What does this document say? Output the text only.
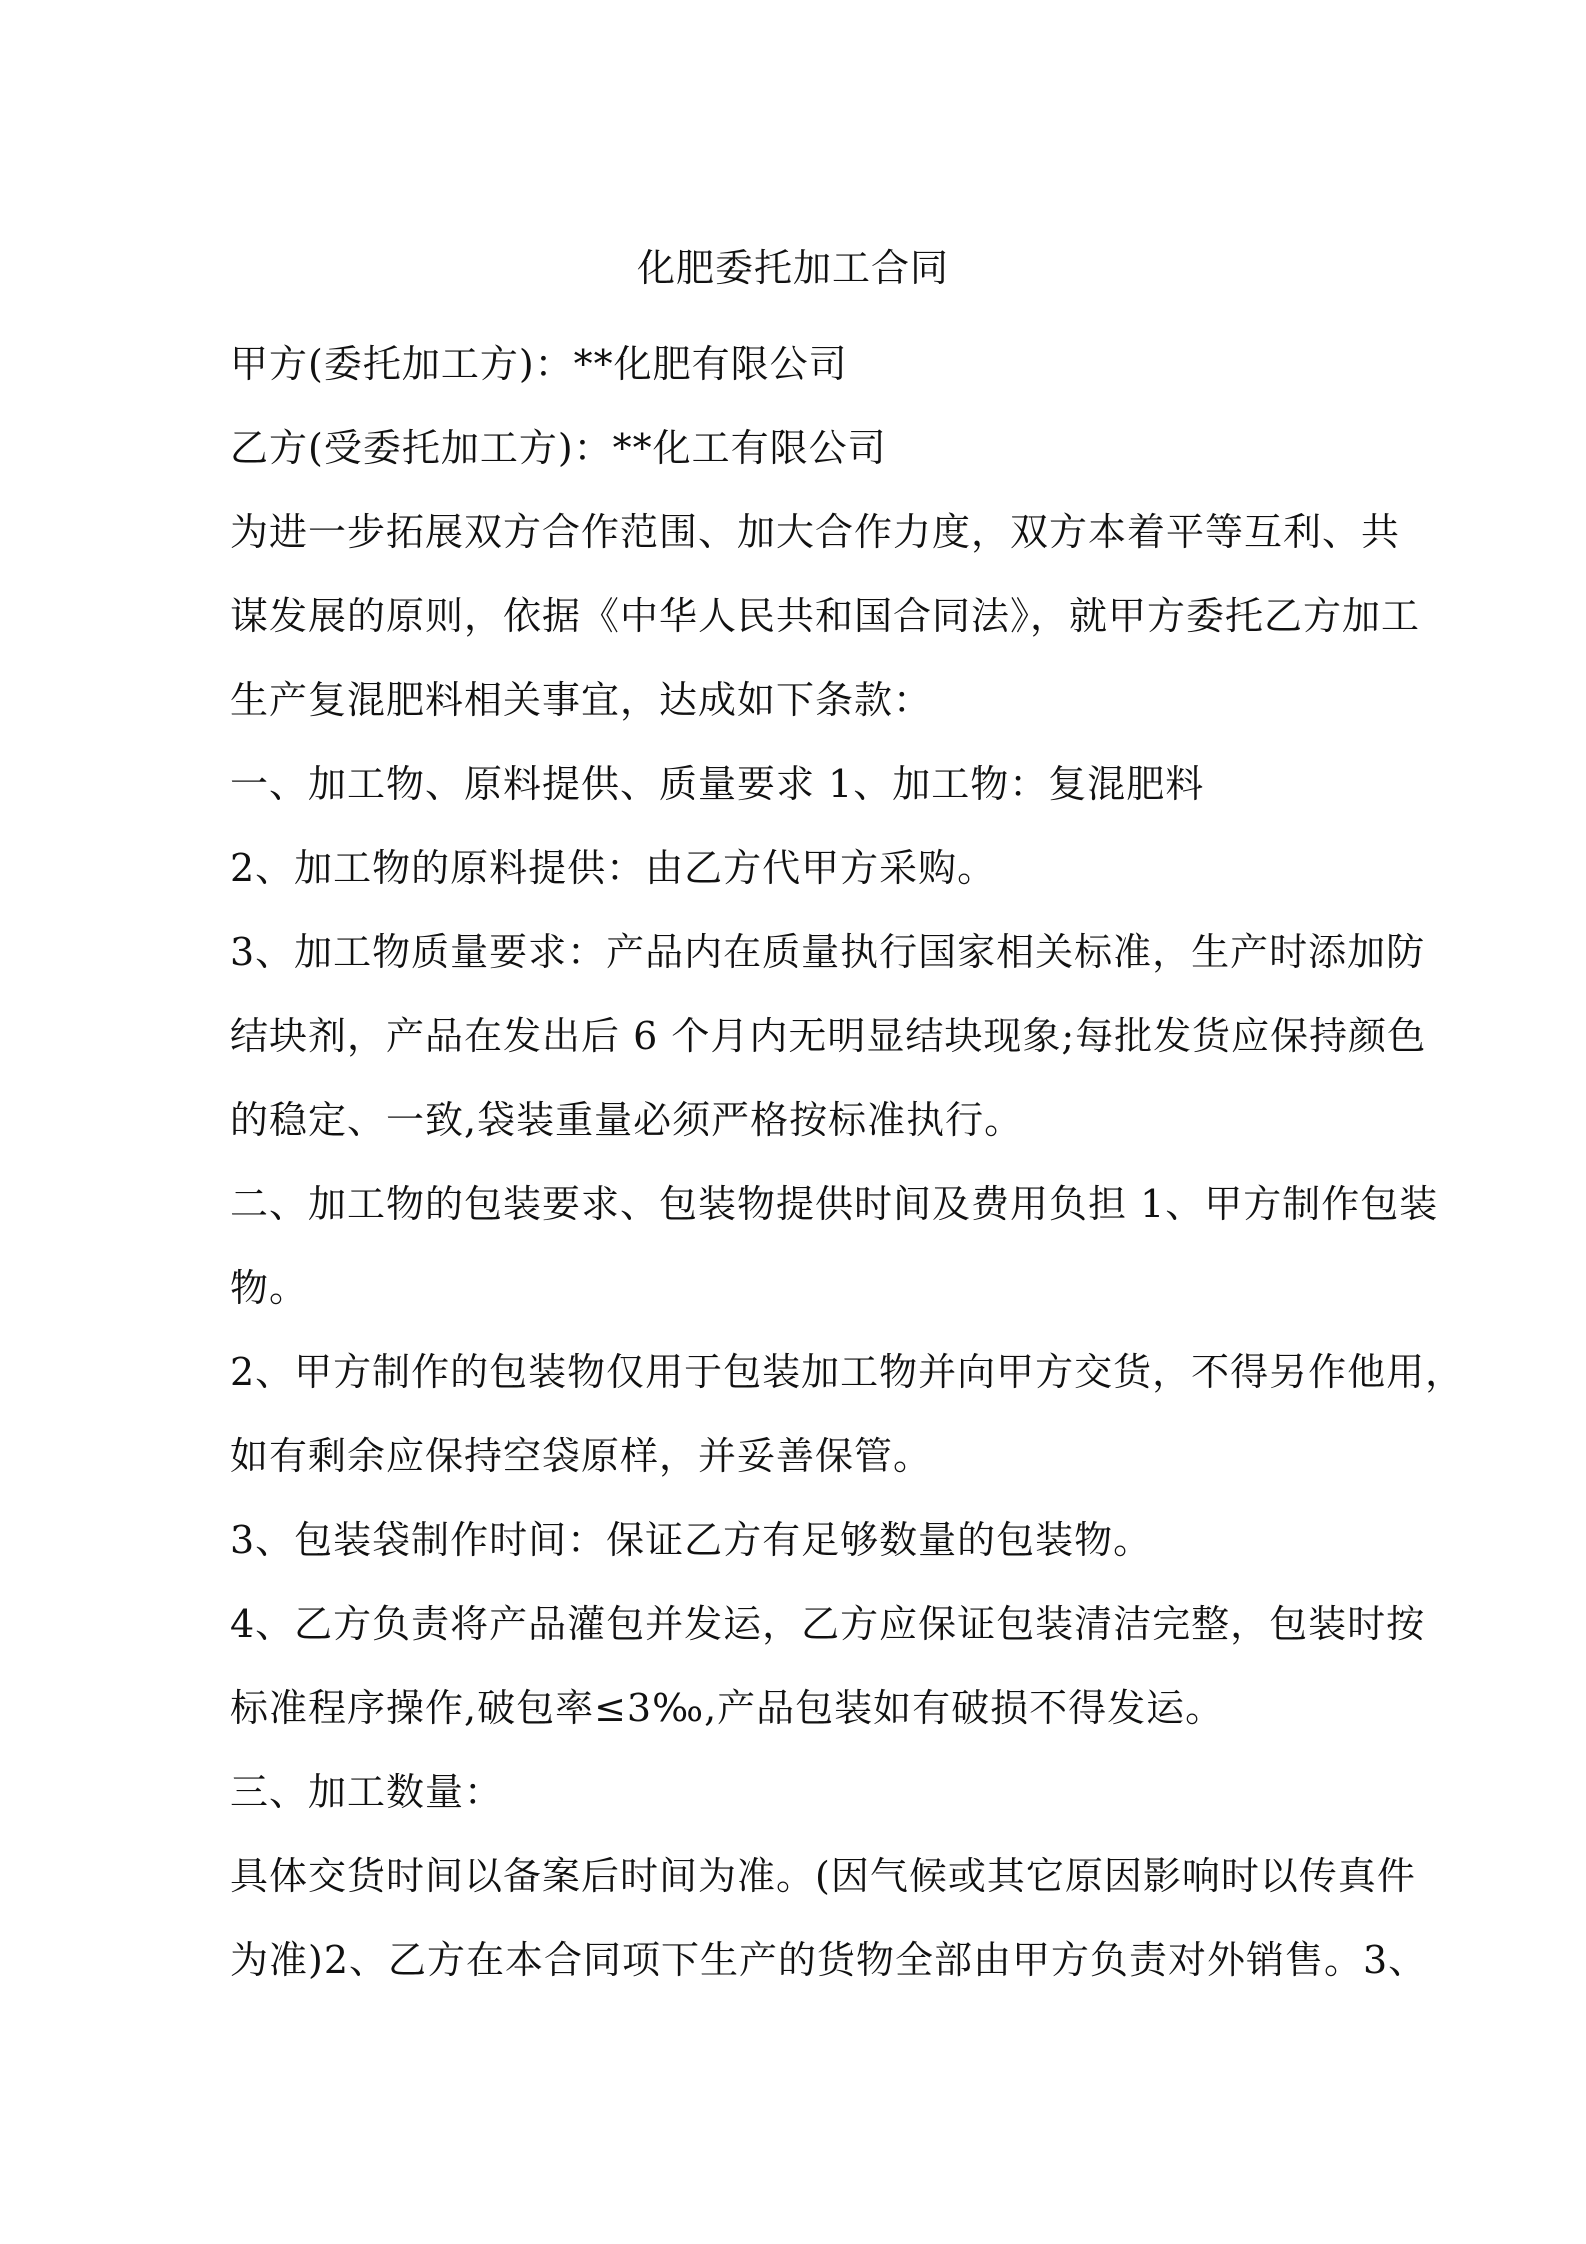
化肥委托加工合同
甲方(委托加工方)：**化肥有限公司
乙方(受委托加工方)：**化工有限公司
为进一步拓展双方合作范围、加大合作力度，双方本着平等互利、共
谋发展的原则，依据《中华人民共和国合同法》，就甲方委托乙方加工
生产复混肥料相关事宜，达成如下条款：
一、加工物、原料提供、质量要求 1、加工物：复混肥料
2、加工物的原料提供：由乙方代甲方采购。
3、加工物质量要求：产品内在质量执行国家相关标准，生产时添加防
结块剂，产品在发出后 6 个月内无明显结块现象;每批发货应保持颜色
的稳定、一致,袋装重量必须严格按标准执行。
二、加工物的包装要求、包装物提供时间及费用负担 1、甲方制作包装
物。
2、甲方制作的包装物仅用于包装加工物并向甲方交货，不得另作他用，
如有剩余应保持空袋原样，并妥善保管。
3、包装袋制作时间：保证乙方有足够数量的包装物。
4、乙方负责将产品灌包并发运，乙方应保证包装清洁完整，包装时按
标准程序操作,破包率≤3‰,产品包装如有破损不得发运。
三、加工数量：
具体交货时间以备案后时间为准。(因气候或其它原因影响时以传真件
为准)2、乙方在本合同项下生产的货物全部由甲方负责对外销售。3、
